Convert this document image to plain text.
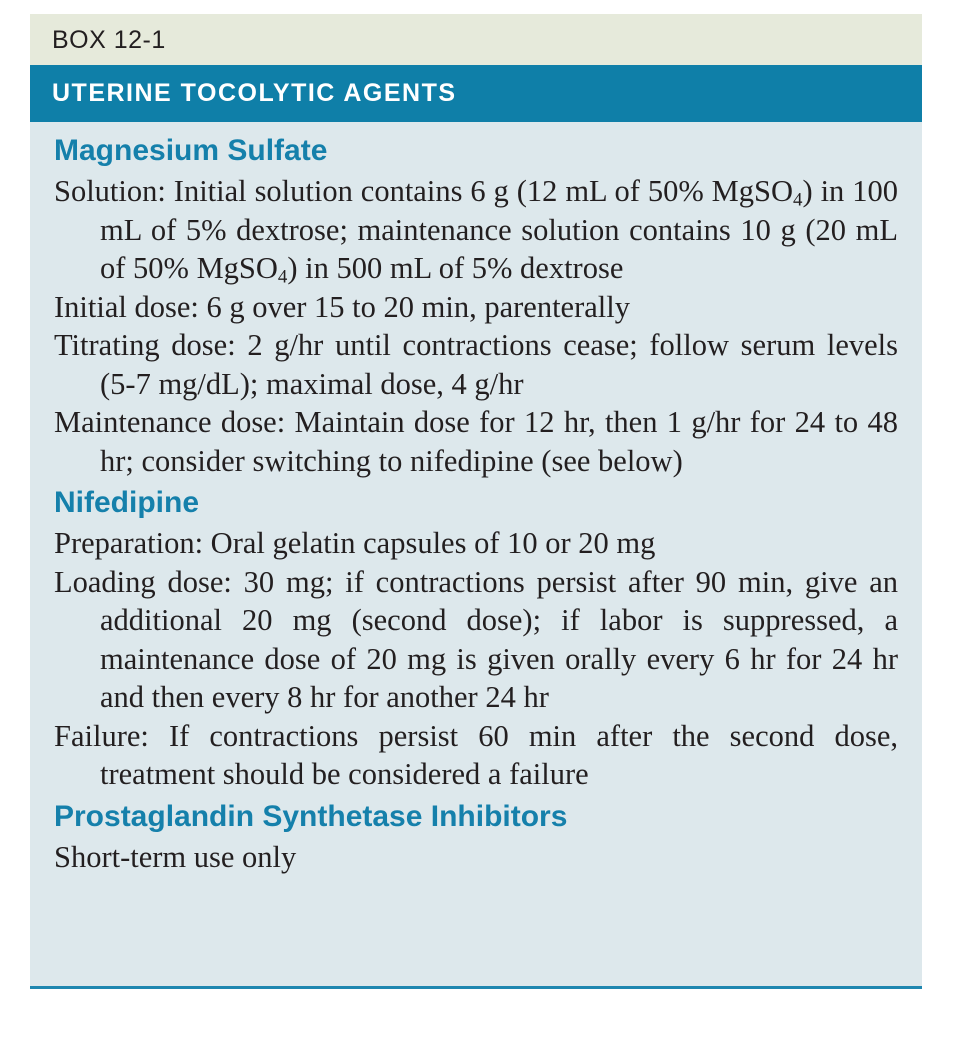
BOX 12-1
UTERINE TOCOLYTIC AGENTS
Magnesium Sulfate
Solution: Initial solution contains 6 g (12 mL of 50% MgSO$_4$) in 100 mL of 5% dextrose; maintenance solution contains 10 g (20 mL of 50% MgSO$_4$) in 500 mL of 5% dextrose
Initial dose: 6 g over 15 to 20 min, parenterally
Titrating dose: 2 g/hr until contractions cease; follow serum levels (5-7 mg/dL); maximal dose, 4 g/hr
Maintenance dose: Maintain dose for 12 hr, then 1 g/hr for 24 to 48 hr; consider switching to nifedipine (see below)
Nifedipine
Preparation: Oral gelatin capsules of 10 or 20 mg
Loading dose: 30 mg; if contractions persist after 90 min, give an additional 20 mg (second dose); if labor is suppressed, a maintenance dose of 20 mg is given orally every 6 hr for 24 hr and then every 8 hr for another 24 hr
Failure: If contractions persist 60 min after the second dose, treatment should be considered a failure
Prostaglandin Synthetase Inhibitors
Short-term use only
